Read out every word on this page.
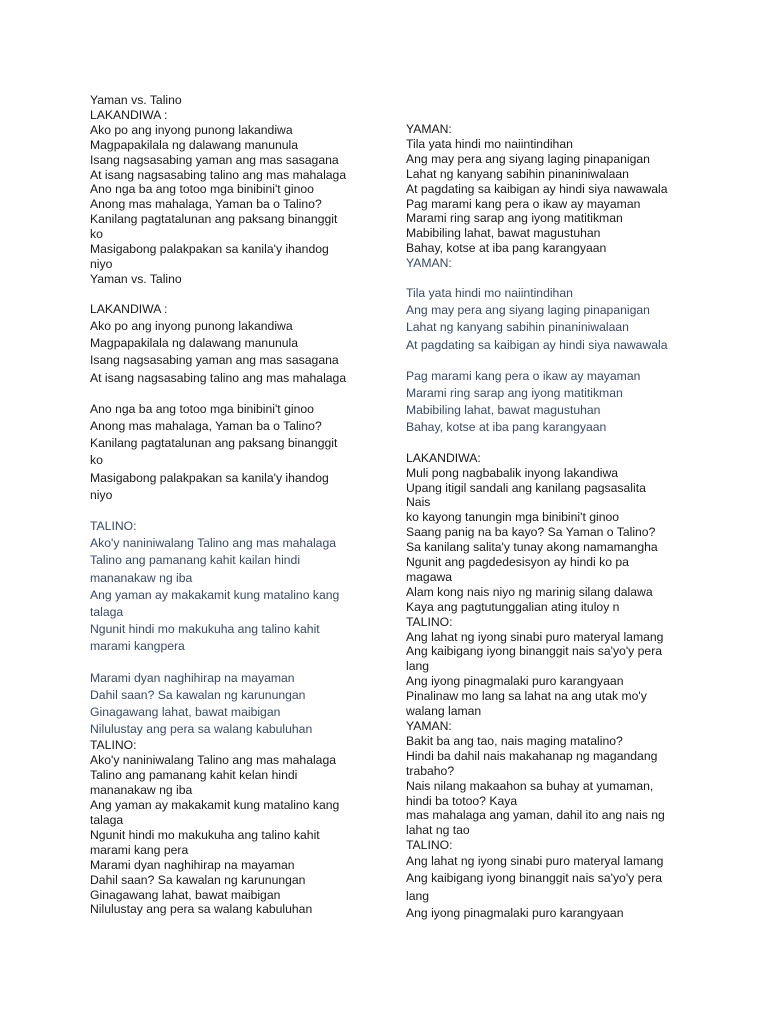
Yaman vs. Talino
LAKANDIWA :
Ako po ang inyong punong lakandiwa
Magpapakilala ng dalawang manunula
Isang nagsasabing yaman ang mas sasagana
At isang nagsasabing talino ang mas mahalaga
Ano nga ba ang totoo mga binibini't ginoo
Anong mas mahalaga, Yaman ba o Talino?
Kanilang pagtatalunan ang paksang binanggit
ko
Masigabong palakpakan sa kanila'y ihandog
niyo
Yaman vs. Talino
LAKANDIWA :
Ako po ang inyong punong lakandiwa
Magpapakilala ng dalawang manunula
Isang nagsasabing yaman ang mas sasagana
At isang nagsasabing talino ang mas mahalaga
Ano nga ba ang totoo mga binibini't ginoo
Anong mas mahalaga, Yaman ba o Talino?
Kanilang pagtatalunan ang paksang binanggit
ko
Masigabong palakpakan sa kanila'y ihandog
niyo
TALINO:
Ako'y naniniwalang Talino ang mas mahalaga
Talino ang pamanang kahit kailan hindi
mananakaw ng iba
Ang yaman ay makakamit kung matalino kang
talaga
Ngunit hindi mo makukuha ang talino kahit
marami kangpera
Marami dyan naghihirap na mayaman
Dahil saan? Sa kawalan ng karunungan
Ginagawang lahat, bawat maibigan
Nilulustay ang pera sa walang kabuluhan
TALINO:
Ako'y naniniwalang Talino ang mas mahalaga
Talino ang pamanang kahit kelan hindi
mananakaw ng iba
Ang yaman ay makakamit kung matalino kang
talaga
Ngunit hindi mo makukuha ang talino kahit
marami kang pera
Marami dyan naghihirap na mayaman
Dahil saan? Sa kawalan ng karunungan
Ginagawang lahat, bawat maibigan
Nilulustay ang pera sa walang kabuluhan
YAMAN:
Tila yata hindi mo naiintindihan
Ang may pera ang siyang laging pinapanigan
Lahat ng kanyang sabihin pinaniniwalaan
At pagdating sa kaibigan ay hindi siya nawawala
Pag marami kang pera o ikaw ay mayaman
Marami ring sarap ang iyong matitikman
Mabibiling lahat, bawat magustuhan
Bahay, kotse at iba pang karangyaan
YAMAN:
Tila yata hindi mo naiintindihan
Ang may pera ang siyang laging pinapanigan
Lahat ng kanyang sabihin pinaniniwalaan
At pagdating sa kaibigan ay hindi siya nawawala
Pag marami kang pera o ikaw ay mayaman
Marami ring sarap ang iyong matitikman
Mabibiling lahat, bawat magustuhan
Bahay, kotse at iba pang karangyaan
LAKANDIWA:
Muli pong nagbabalik inyong lakandiwa
Upang itigil sandali ang kanilang pagsasalita
Nais
ko kayong tanungin mga binibini't ginoo
Saang panig na ba kayo? Sa Yaman o Talino?
Sa kanilang salita'y tunay akong namamangha
Ngunit ang pagdedesisyon ay hindi ko pa
magawa
Alam kong nais niyo ng marinig silang dalawa
Kaya ang pagtutunggalian ating ituloy n
TALINO:
Ang lahat ng iyong sinabi puro materyal lamang
Ang kaibigang iyong binanggit nais sa'yo'y pera
lang
Ang iyong pinagmalaki puro karangyaan
Pinalinaw mo lang sa lahat na ang utak mo'y
walang laman
YAMAN:
Bakit ba ang tao, nais maging matalino?
Hindi ba dahil nais makahanap ng magandang
trabaho?
Nais nilang makaahon sa buhay at yumaman,
hindi ba totoo? Kaya
mas mahalaga ang yaman, dahil ito ang nais ng
lahat ng tao
TALINO:
Ang lahat ng iyong sinabi puro materyal lamang
Ang kaibigang iyong binanggit nais sa'yo'y pera
lang
Ang iyong pinagmalaki puro karangyaan
